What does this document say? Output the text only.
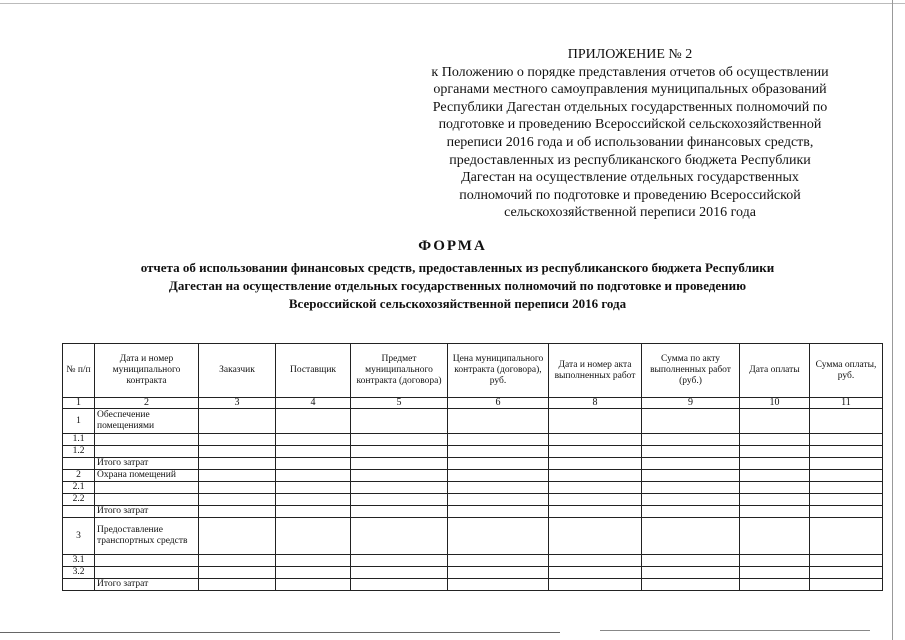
ПРИЛОЖЕНИЕ № 2
к Положению о порядке представления отчетов об осуществлении
органами местного самоуправления муниципальных образований
Республики Дагестан отдельных государственных полномочий по
подготовке и проведению Всероссийской сельскохозяйственной
переписи 2016 года и об использовании финансовых средств,
предоставленных из республиканского бюджета Республики
Дагестан на осуществление отдельных государственных
полномочий по подготовке и проведению Всероссийской
сельскохозяйственной переписи 2016 года
ФОРМА
отчета об использовании финансовых средств, предоставленных из республиканского бюджета Республики
Дагестан на осуществление отдельных государственных полномочий по подготовке и проведению
Всероссийской сельскохозяйственной переписи 2016 года
№ п/п	Дата и номер муниципального контракта	Заказчик	Поставщик	Предмет муниципального контракта (договора)	Цена муниципального контракта (договора), руб.	Дата и номер акта выполненных работ	Сумма по акту выполненных работ (руб.)	Дата оплаты	Сумма оплаты, руб.
1	2	3	4	5	6	8	9	10	11
1	Обеспечение помещениями								
1.1									
1.2									
	Итого затрат								
2	Охрана помещений								
2.1									
2.2									
	Итого затрат								
3	Предоставление транспортных средств								
3.1									
3.2									
	Итого затрат								
